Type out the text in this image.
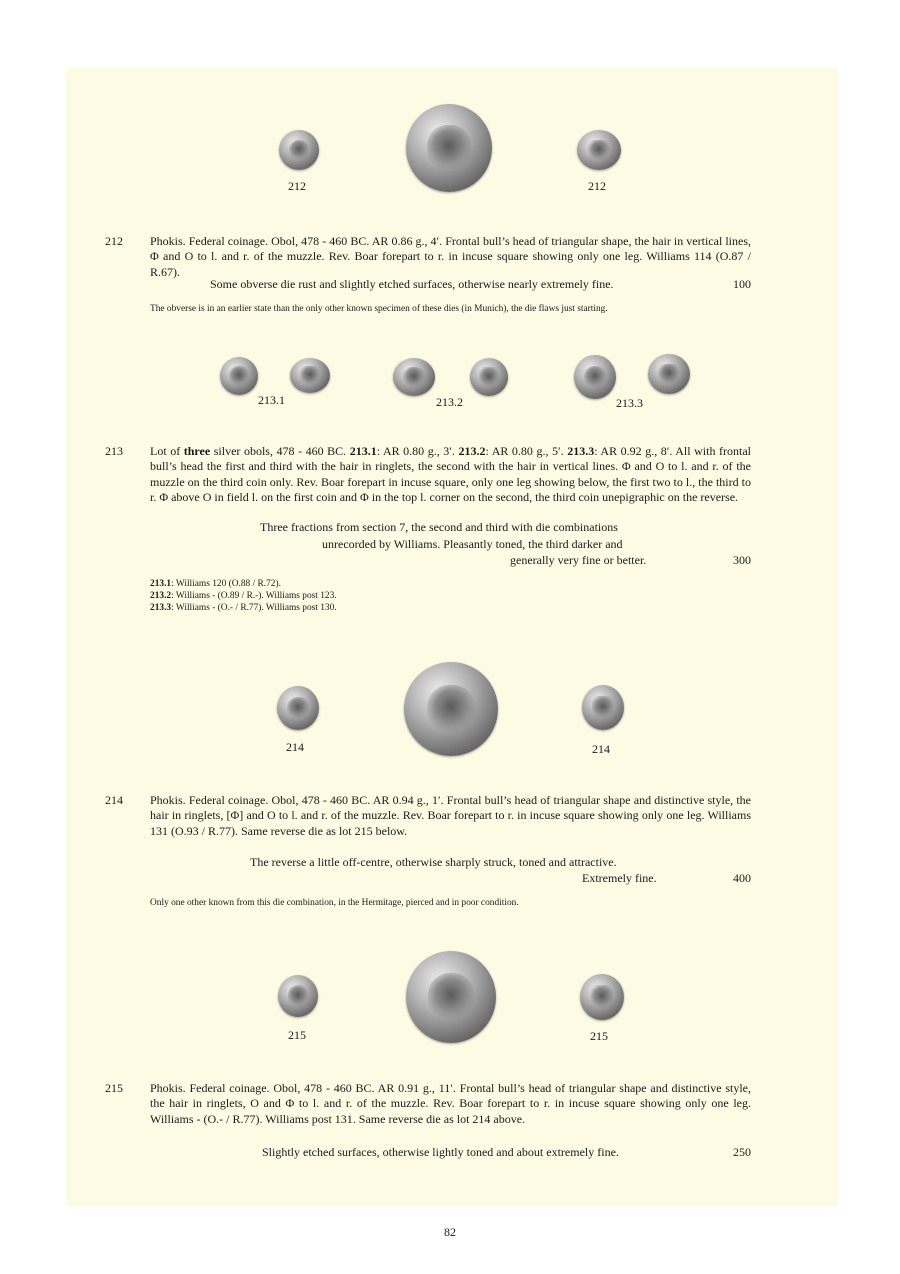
212	212
212 Phokis. Federal coinage. Obol, 478 - 460 BC. AR 0.86 g., 4′. Frontal bull’s head of triangular shape, the hair in vertical lines, Φ and O to l. and r. of the muzzle. Rev. Boar forepart to r. in incuse square showing only one leg. Williams 114 (O.87 / R.67).
Some obverse die rust and slightly etched surfaces, otherwise nearly extremely fine.	100
The obverse is in an earlier state than the only other known specimen of these dies (in Munich), the die flaws just starting.
213.1	213.2	213.3
213 Lot of three silver obols, 478 - 460 BC. 213.1: AR 0.80 g., 3′. 213.2: AR 0.80 g., 5′. 213.3: AR 0.92 g., 8′. All with frontal bull’s head the first and third with the hair in ringlets, the second with the hair in vertical lines. Φ and O to l. and r. of the muzzle on the third coin only. Rev. Boar forepart in incuse square, only one leg showing below, the first two to l., the third to r. Φ above O in field l. on the first coin and Φ in the top l. corner on the second, the third coin unepigraphic on the reverse.
Three fractions from section 7, the second and third with die combinations
unrecorded by Williams. Pleasantly toned, the third darker and
generally very fine or better.	300
213.1: Williams 120 (O.88 / R.72).
213.2: Williams - (O.89 / R.-). Williams post 123.
213.3: Williams - (O.- / R.77). Williams post 130.
214	214
214 Phokis. Federal coinage. Obol, 478 - 460 BC. AR 0.94 g., 1′. Frontal bull’s head of triangular shape and distinctive style, the hair in ringlets, [Φ] and O to l. and r. of the muzzle. Rev. Boar forepart to r. in incuse square showing only one leg. Williams 131 (O.93 / R.77). Same reverse die as lot 215 below.
The reverse a little off-centre, otherwise sharply struck, toned and attractive.
Extremely fine.	400
Only one other known from this die combination, in the Hermitage, pierced and in poor condition.
215	215
215 Phokis. Federal coinage. Obol, 478 - 460 BC. AR 0.91 g., 11′. Frontal bull’s head of triangular shape and distinctive style, the hair in ringlets, O and Φ to l. and r. of the muzzle. Rev. Boar forepart to r. in incuse square showing only one leg. Williams - (O.- / R.77). Williams post 131. Same reverse die as lot 214 above.
Slightly etched surfaces, otherwise lightly toned and about extremely fine.	250
82
